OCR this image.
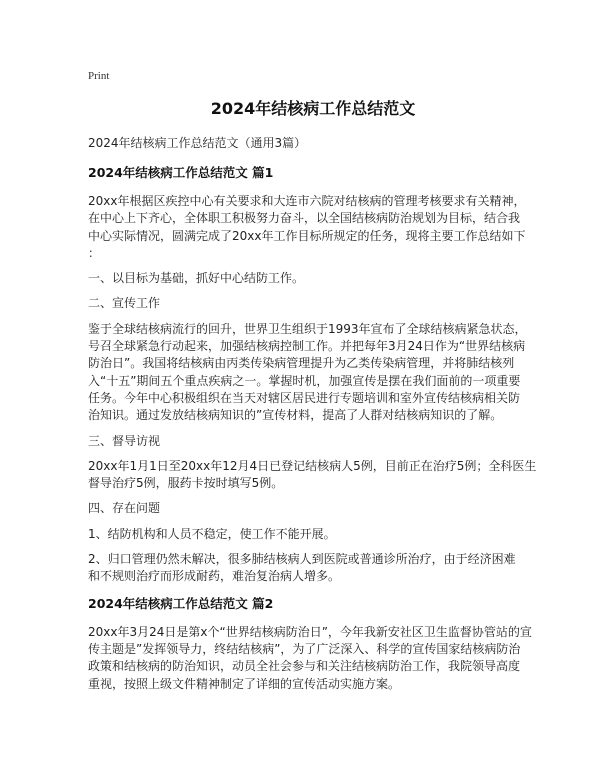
Print
2024年结核病工作总结范文
2024年结核病工作总结范文（通用3篇）
2024年结核病工作总结范文 篇1
20xx年根据区疾控中心有关要求和大连市六院对结核病的管理考核要求有关精神，
在中心上下齐心，全体职工积极努力奋斗，以全国结核病防治规划为目标，结合我
中心实际情况，圆满完成了20xx年工作目标所规定的任务，现将主要工作总结如下
：
一、以目标为基础，抓好中心结防工作。
二、宣传工作
鉴于全球结核病流行的回升，世界卫生组织于1993年宣布了全球结核病紧急状态，
号召全球紧急行动起来，加强结核病控制工作。并把每年3月24日作为“世界结核病
防治日”。我国将结核病由丙类传染病管理提升为乙类传染病管理，并将肺结核列
入“十五”期间五个重点疾病之一。掌握时机，加强宣传是摆在我们面前的一项重要
任务。今年中心积极组织在当天对辖区居民进行专题培训和室外宣传结核病相关防
治知识。通过发放结核病知识的”宣传材料，提高了人群对结核病知识的了解。
三、督导访视
20xx年1月1日至20xx年12月4日已登记结核病人5例，目前正在治疗5例；全科医生
督导治疗5例，服药卡按时填写5例。
四、存在问题
1、结防机构和人员不稳定，使工作不能开展。
2、归口管理仍然未解决，很多肺结核病人到医院或普通诊所治疗，由于经济困难
和不规则治疗而形成耐药，难治复治病人增多。
2024年结核病工作总结范文 篇2
20xx年3月24日是第x个“世界结核病防治日”，今年我新安社区卫生监督协管站的宣
传主题是”发挥领导力，终结结核病”，为了广泛深入、科学的宣传国家结核病防治
政策和结核病的防治知识，动员全社会参与和关注结核病防治工作，我院领导高度
重视，按照上级文件精神制定了详细的宣传活动实施方案。
